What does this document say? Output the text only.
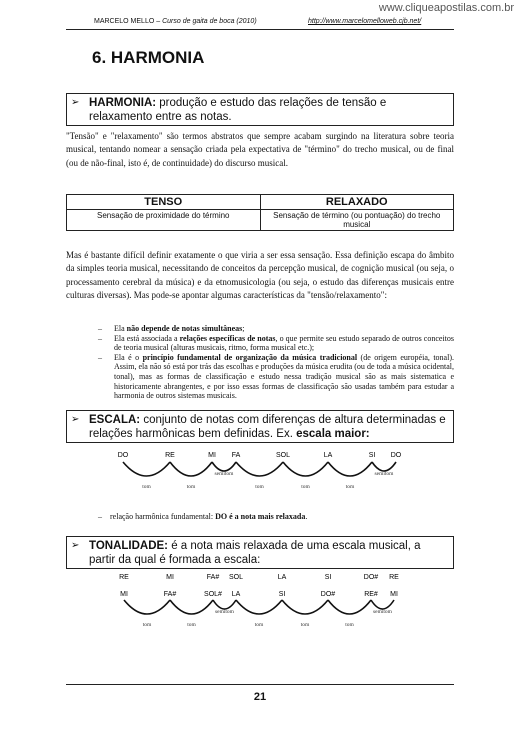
www.cliqueapostilas.com.br
MARCELO MELLO – Curso de gaita de boca (2010)	http://www.marcelomelloweb.cjb.net/
6. HARMONIA
➢ HARMONIA: produção e estudo das relações de tensão e relaxamento entre as notas.
"Tensão" e "relaxamento" são termos abstratos que sempre acabam surgindo na literatura sobre teoria musical, tentando nomear a sensação criada pela expectativa de "término" do trecho musical, ou de final (ou de não-final, isto é, de continuidade) do discurso musical.
TENSO	RELAXADO
Sensação de proximidade do término	Sensação de término (ou pontuação) do trecho musical
Mas é bastante difícil definir exatamente o que viria a ser essa sensação. Essa definição escapa do âmbito da simples teoria musical, necessitando de conceitos da percepção musical, de cognição musical (ou seja, o processamento cerebral da música) e da etnomusicologia (ou seja, o estudo das diferenças musicais entre culturas diversas). Mas pode-se apontar algumas características da "tensão/relaxamento":
– Ela não depende de notas simultâneas;
– Ela está associada a relações específicas de notas, o que permite seu estudo separado de outros conceitos de teoria musical (alturas musicais, ritmo, forma musical etc.);
– Ela é o princípio fundamental de organização da música tradicional (de origem européia, tonal). Assim, ela não só está por trás das escolhas e produções da música erudita (ou de toda a música ocidental, tonal), mas as formas de classificação e estudo nessa tradição musical são as mais sistematica e historicamente abrangentes, e por isso essas formas de classificação são usadas também para estudar a harmonia de outros sistemas musicais.
➢ ESCALA: conjunto de notas com diferenças de altura determinadas e relações harmônicas bem definidas. Ex. escala maior:
DO	RE	MI FA	SOL	LA	SI DO
tom	tom
semitom
tom	tom	tom
semitom
RE	MI	FA# SOL	LA	SI	DO# RE
MI	FA#	SOL# LA	SI	DO#	RE# MI
tom	tom
semitom
tom	tom	tom
semitom
– relação harmônica fundamental: DO é a nota mais relaxada.
➢ TONALIDADE: é a nota mais relaxada de uma escala musical, a partir da qual é formada a escala:
21
